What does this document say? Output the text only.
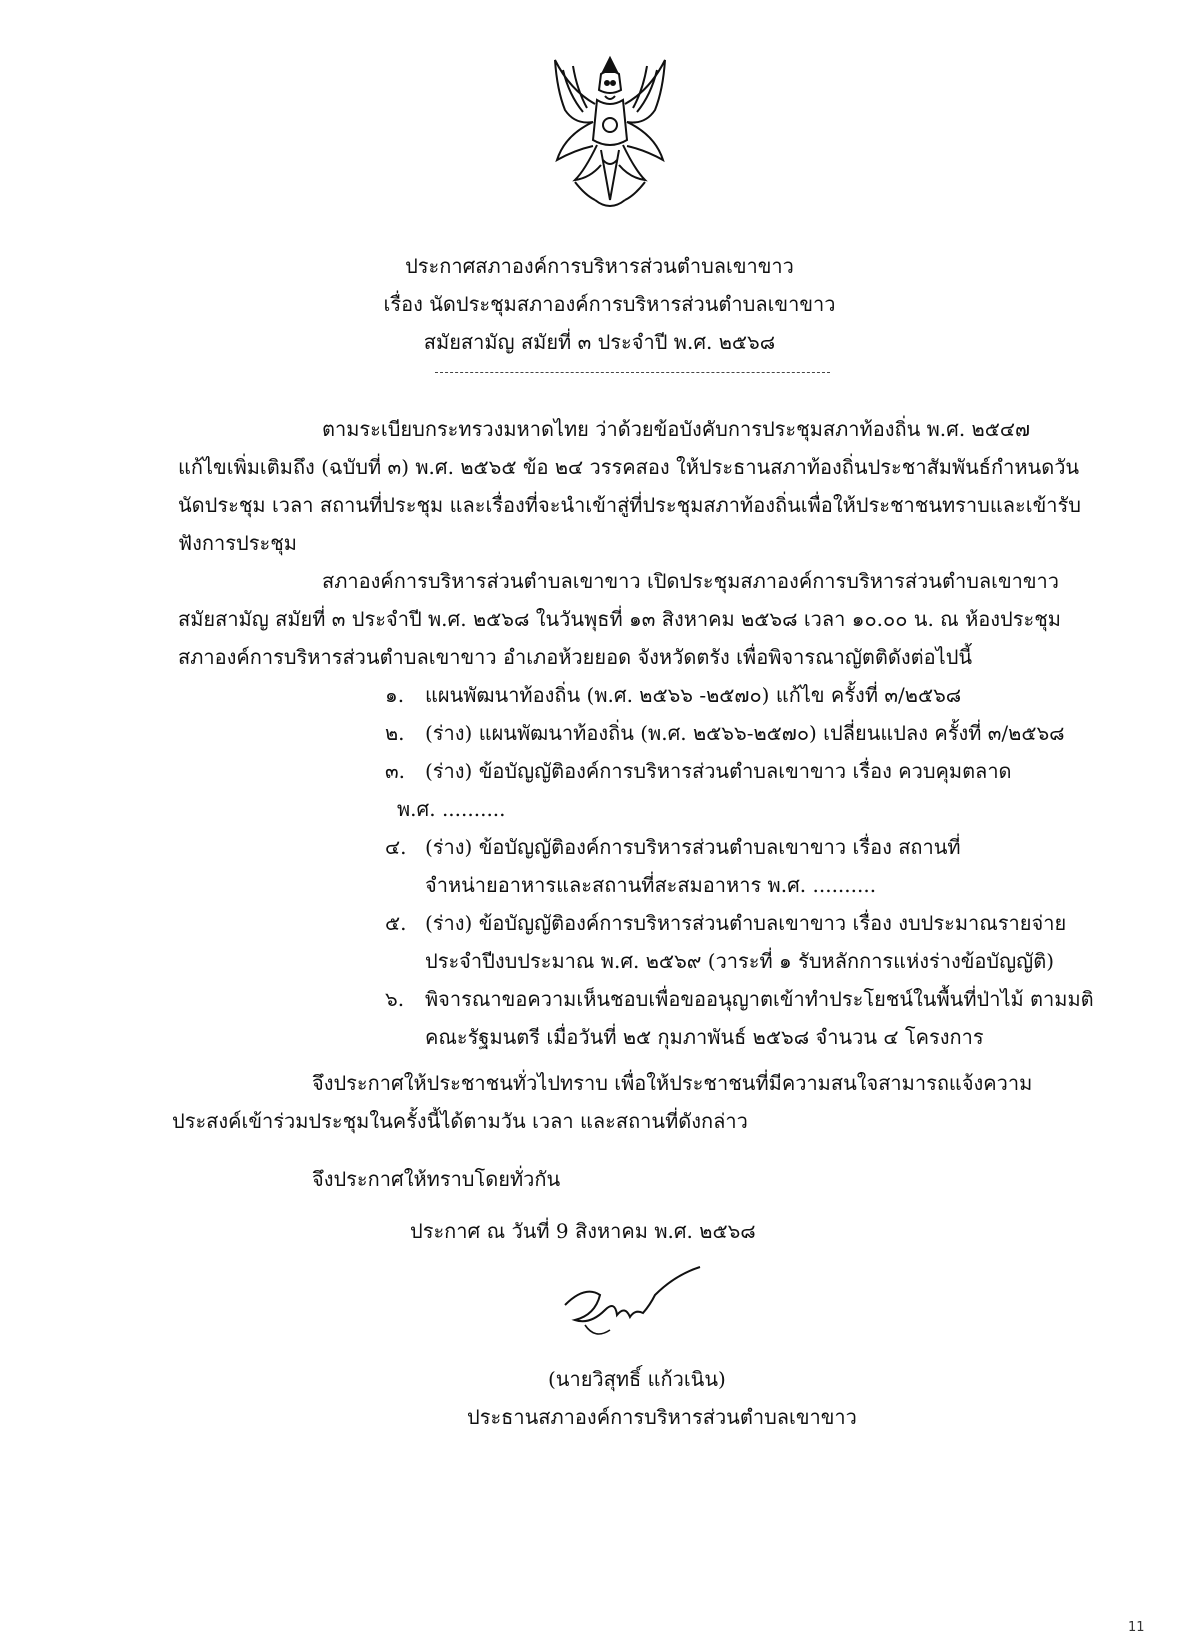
ประกาศสภาองค์การบริหารส่วนตำบลเขาขาว
เรื่อง นัดประชุมสภาองค์การบริหารส่วนตำบลเขาขาว
สมัยสามัญ สมัยที่ ๓ ประจำปี พ.ศ. ๒๕๖๘
ตามระเบียบกระทรวงมหาดไทย ว่าด้วยข้อบังคับการประชุมสภาท้องถิ่น พ.ศ. ๒๕๔๗
แก้ไขเพิ่มเติมถึง (ฉบับที่ ๓) พ.ศ. ๒๕๖๕ ข้อ ๒๔ วรรคสอง ให้ประธานสภาท้องถิ่นประชาสัมพันธ์กำหนดวัน
นัดประชุม เวลา สถานที่ประชุม และเรื่องที่จะนำเข้าสู่ที่ประชุมสภาท้องถิ่นเพื่อให้ประชาชนทราบและเข้ารับ
ฟังการประชุม
สภาองค์การบริหารส่วนตำบลเขาขาว เปิดประชุมสภาองค์การบริหารส่วนตำบลเขาขาว
สมัยสามัญ สมัยที่ ๓ ประจำปี พ.ศ. ๒๕๖๘ ในวันพุธที่ ๑๓ สิงหาคม ๒๕๖๘ เวลา ๑๐.๐๐ น. ณ ห้องประชุม
สภาองค์การบริหารส่วนตำบลเขาขาว อำเภอห้วยยอด จังหวัดตรัง เพื่อพิจารณาญัตติดังต่อไปนี้
๑. แผนพัฒนาท้องถิ่น (พ.ศ. ๒๕๖๖ -๒๕๗๐) แก้ไข ครั้งที่ ๓/๒๕๖๘
๒. (ร่าง) แผนพัฒนาท้องถิ่น (พ.ศ. ๒๕๖๖-๒๕๗๐) เปลี่ยนแปลง ครั้งที่ ๓/๒๕๖๘
๓. (ร่าง) ข้อบัญญัติองค์การบริหารส่วนตำบลเขาขาว เรื่อง ควบคุมตลาด
พ.ศ. ..........
๔. (ร่าง) ข้อบัญญัติองค์การบริหารส่วนตำบลเขาขาว เรื่อง สถานที่
จำหน่ายอาหารและสถานที่สะสมอาหาร พ.ศ. ..........
๕. (ร่าง) ข้อบัญญัติองค์การบริหารส่วนตำบลเขาขาว เรื่อง งบประมาณรายจ่าย
ประจำปีงบประมาณ พ.ศ. ๒๕๖๙ (วาระที่ ๑ รับหลักการแห่งร่างข้อบัญญัติ)
๖. พิจารณาขอความเห็นชอบเพื่อขออนุญาตเข้าทำประโยชน์ในพื้นที่ป่าไม้ ตามมติ
คณะรัฐมนตรี เมื่อวันที่ ๒๕ กุมภาพันธ์ ๒๕๖๘ จำนวน ๔ โครงการ
จึงประกาศให้ประชาชนทั่วไปทราบ เพื่อให้ประชาชนที่มีความสนใจสามารถแจ้งความ
ประสงค์เข้าร่วมประชุมในครั้งนี้ได้ตามวัน เวลา และสถานที่ดังกล่าว
จึงประกาศให้ทราบโดยทั่วกัน
ประกาศ ณ วันที่ 9 สิงหาคม พ.ศ. ๒๕๖๘
(นายวิสุทธิ์ แก้วเนิน)
ประธานสภาองค์การบริหารส่วนตำบลเขาขาว
11
